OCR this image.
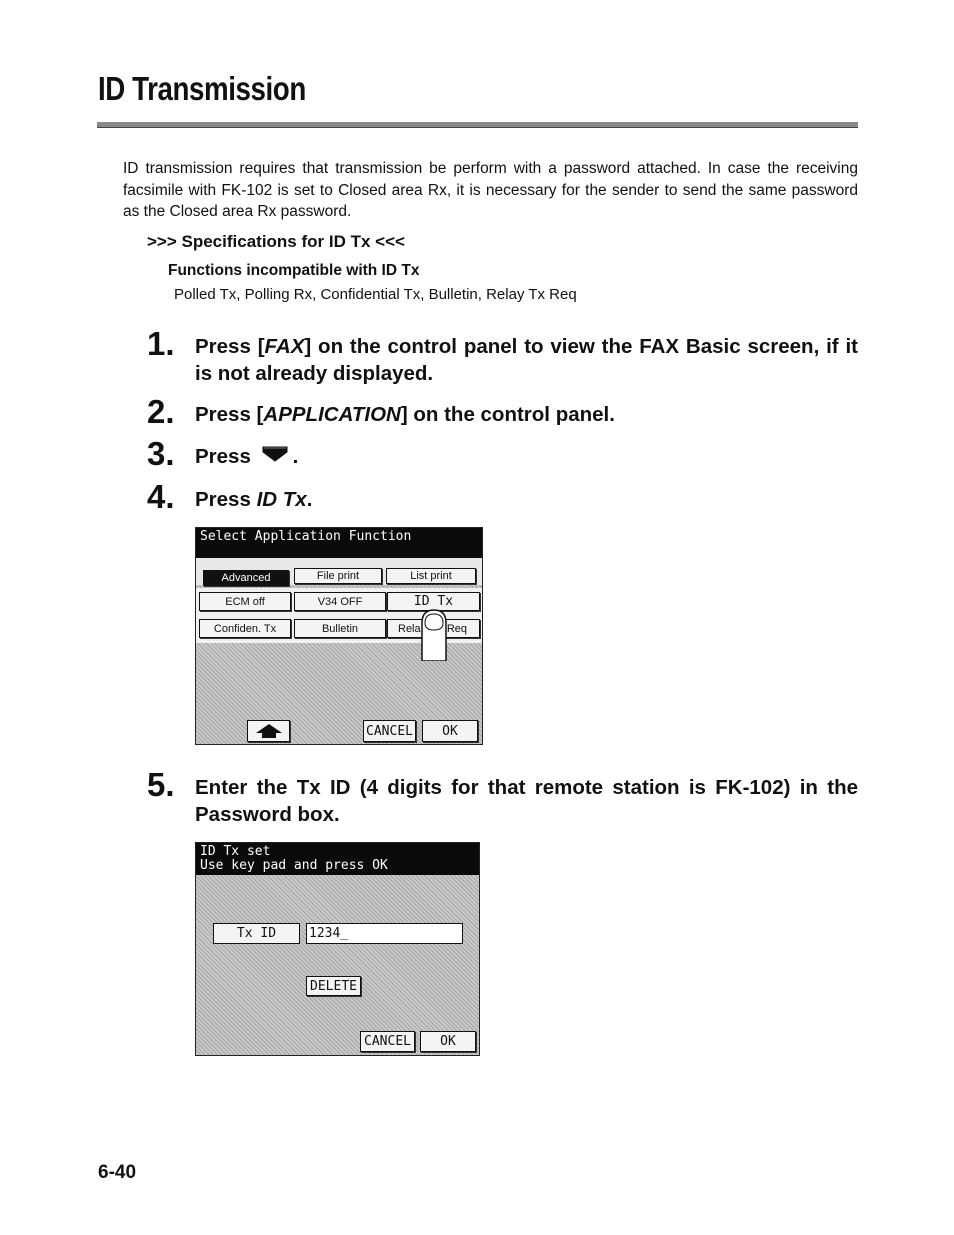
ID Transmission
ID transmission requires that transmission be perform with a password attached. In case the receiving facsimile with FK-102 is set to Closed area Rx, it is necessary for the sender to send the same password as the Closed area Rx password.
>>> Specifications for ID Tx <<<
Functions incompatible with ID Tx
Polled Tx, Polling Rx, Confidential Tx, Bulletin, Relay Tx Req
1. Press [FAX] on the control panel to view the FAX Basic screen, if it is not already displayed.
2. Press [APPLICATION] on the control panel.
3. Press .
4. Press ID Tx.
Select Application Function
Advanced	File print	List print
ECM off	V34 OFF	ID Tx
Confiden. Tx	Bulletin	Rela Req
CANCEL	OK
5. Enter the Tx ID (4 digits for that remote station is FK-102) in the Password box.
ID Tx set
Use key pad and press OK
Tx ID	1234_
DELETE
CANCEL	OK
6-40
